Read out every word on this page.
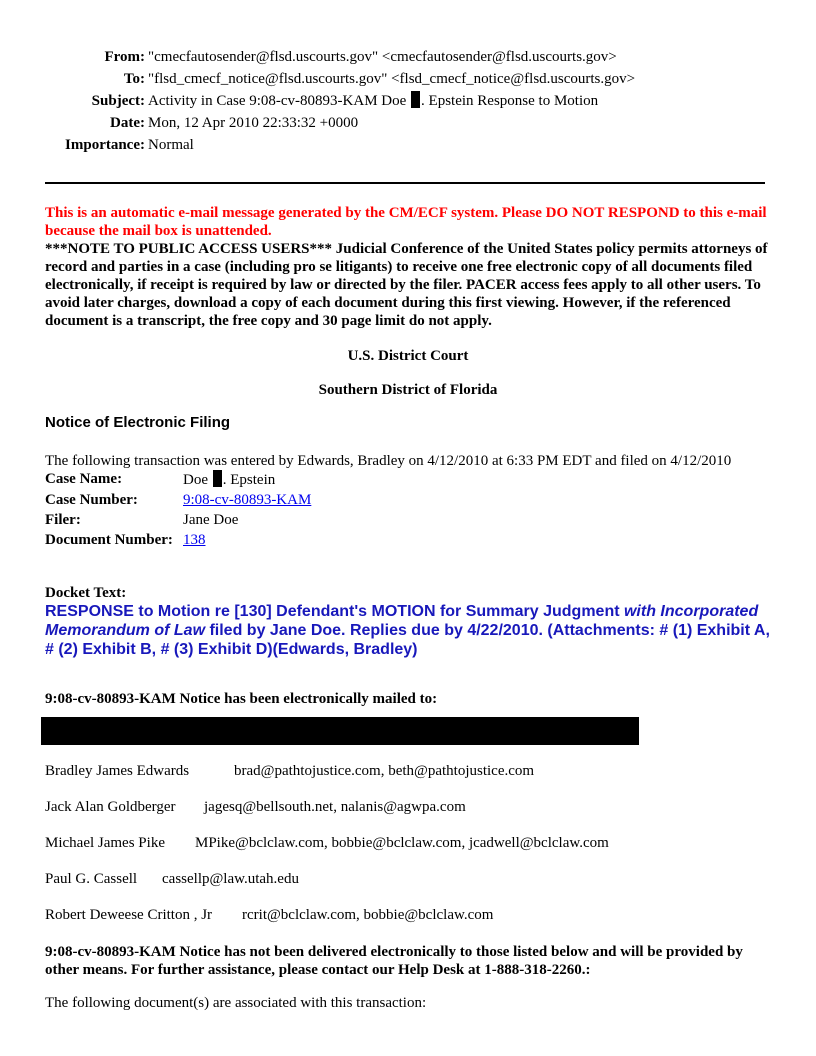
From: "cmecfautosender@flsd.uscourts.gov" <cmecfautosender@flsd.uscourts.gov>
To: "flsd_cmecf_notice@flsd.uscourts.gov" <flsd_cmecf_notice@flsd.uscourts.gov>
Subject: Activity in Case 9:08-cv-80893-KAM Doe . Epstein Response to Motion
Date: Mon, 12 Apr 2010 22:33:32 +0000
Importance: Normal

This is an automatic e-mail message generated by the CM/ECF system. Please DO NOT RESPOND to this e-mail because the mail box is unattended.

***NOTE TO PUBLIC ACCESS USERS*** Judicial Conference of the United States policy permits attorneys of record and parties in a case (including pro se litigants) to receive one free electronic copy of all documents filed electronically, if receipt is required by law or directed by the filer. PACER access fees apply to all other users. To avoid later charges, download a copy of each document during this first viewing. However, if the referenced document is a transcript, the free copy and 30 page limit do not apply.

U.S. District Court
Southern District of Florida
Notice of Electronic Filing

The following transaction was entered by Edwards, Bradley on 4/12/2010 at 6:33 PM EDT and filed on 4/12/2010

Case Name:	Doe . Epstein
Case Number:	9:08-cv-80893-KAM
Filer:	Jane Doe
Document Number:	138
Docket Text:
RESPONSE to Motion re [130] Defendant's MOTION for Summary Judgment with Incorporated Memorandum of Law filed by Jane Doe. Replies due by 4/22/2010. (Attachments: # (1) Exhibit A, # (2) Exhibit B, # (3) Exhibit D)(Edwards, Bradley)
9:08-cv-80893-KAM Notice has been electronically mailed to:
Bradley James Edwards	brad@pathtojustice.com, beth@pathtojustice.com
Jack Alan Goldberger jagesq@bellsouth.net, nalanis@agwpa.com
Michael James Pike MPike@bclclaw.com, bobbie@bclclaw.com, jcadwell@bclclaw.com
Paul G. Cassell cassellp@law.utah.edu
Robert Deweese Critton , Jr rcrit@bclclaw.com, bobbie@bclclaw.com
9:08-cv-80893-KAM Notice has not been delivered electronically to those listed below and will be provided by other means. For further assistance, please contact our Help Desk at 1-888-318-2260.:
The following document(s) are associated with this transaction:
